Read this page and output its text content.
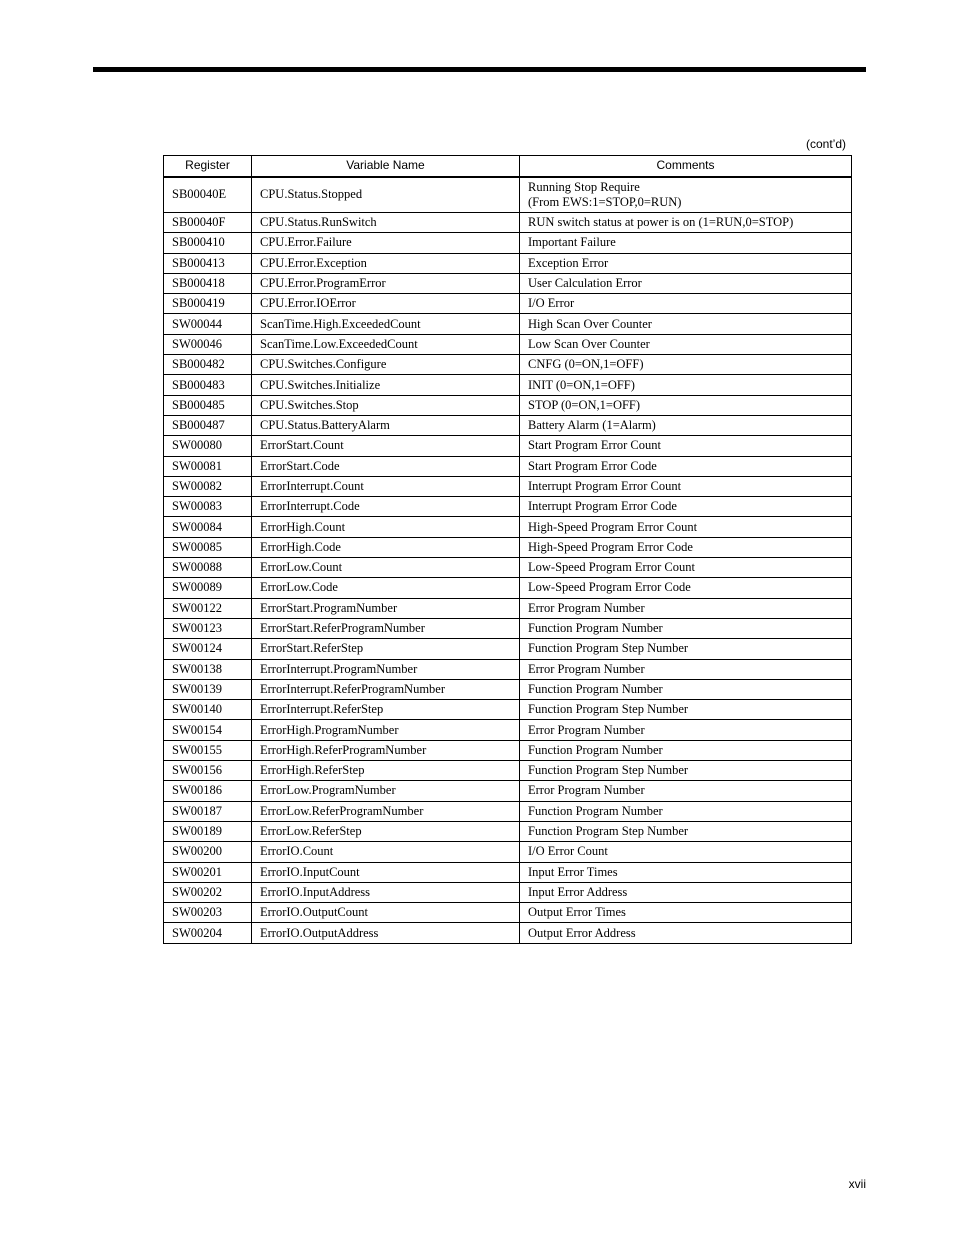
(cont’d)
Register	Variable Name	Comments
SB00040E	CPU.Status.Stopped	Running Stop Require
(From EWS:1=STOP,0=RUN)
SB00040F	CPU.Status.RunSwitch	RUN switch status at power is on (1=RUN,0=STOP)
SB000410	CPU.Error.Failure	Important Failure
SB000413	CPU.Error.Exception	Exception Error
SB000418	CPU.Error.ProgramError	User Calculation Error
SB000419	CPU.Error.IOError	I/O Error
SW00044	ScanTime.High.ExceededCount	High Scan Over Counter
SW00046	ScanTime.Low.ExceededCount	Low Scan Over Counter
SB000482	CPU.Switches.Configure	CNFG (0=ON,1=OFF)
SB000483	CPU.Switches.Initialize	INIT (0=ON,1=OFF)
SB000485	CPU.Switches.Stop	STOP (0=ON,1=OFF)
SB000487	CPU.Status.BatteryAlarm	Battery Alarm (1=Alarm)
SW00080	ErrorStart.Count	Start Program Error Count
SW00081	ErrorStart.Code	Start Program Error Code
SW00082	ErrorInterrupt.Count	Interrupt Program Error Count
SW00083	ErrorInterrupt.Code	Interrupt Program Error Code
SW00084	ErrorHigh.Count	High-Speed Program Error Count
SW00085	ErrorHigh.Code	High-Speed Program Error Code
SW00088	ErrorLow.Count	Low-Speed Program Error Count
SW00089	ErrorLow.Code	Low-Speed Program Error Code
SW00122	ErrorStart.ProgramNumber	Error Program Number
SW00123	ErrorStart.ReferProgramNumber	Function Program Number
SW00124	ErrorStart.ReferStep	Function Program Step Number
SW00138	ErrorInterrupt.ProgramNumber	Error Program Number
SW00139	ErrorInterrupt.ReferProgramNumber	Function Program Number
SW00140	ErrorInterrupt.ReferStep	Function Program Step Number
SW00154	ErrorHigh.ProgramNumber	Error Program Number
SW00155	ErrorHigh.ReferProgramNumber	Function Program Number
SW00156	ErrorHigh.ReferStep	Function Program Step Number
SW00186	ErrorLow.ProgramNumber	Error Program Number
SW00187	ErrorLow.ReferProgramNumber	Function Program Number
SW00189	ErrorLow.ReferStep	Function Program Step Number
SW00200	ErrorIO.Count	I/O Error Count
SW00201	ErrorIO.InputCount	Input Error Times
SW00202	ErrorIO.InputAddress	Input Error Address
SW00203	ErrorIO.OutputCount	Output Error Times
SW00204	ErrorIO.OutputAddress	Output Error Address
xvii
